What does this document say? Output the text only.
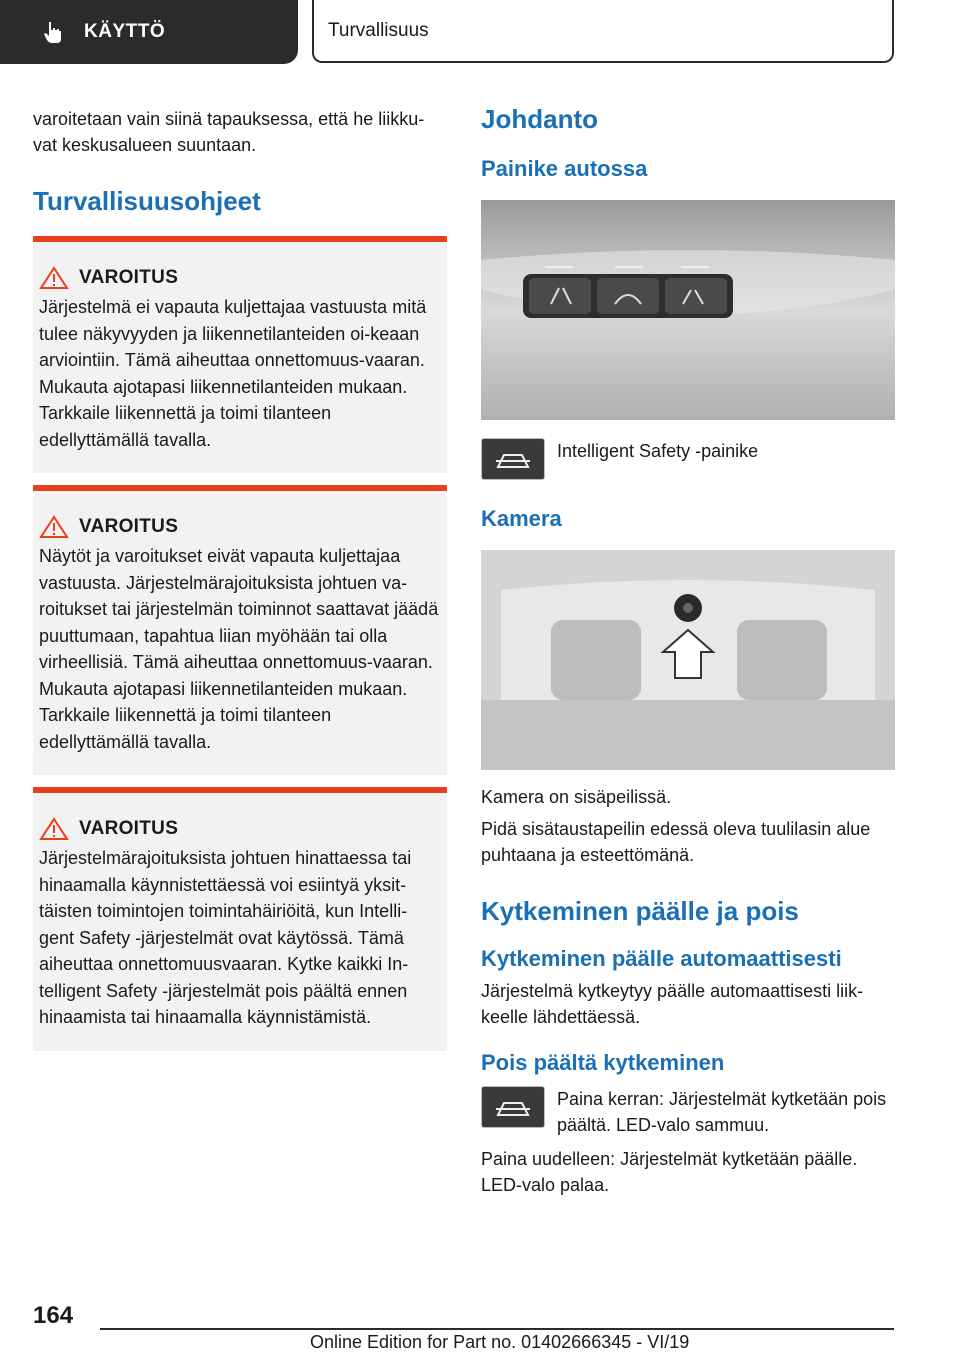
KÄYTTÖ	Turvallisuus

varoitetaan vain siinä tapauksessa, että he liikku-vat keskusalueen suuntaan.

Turvallisuusohjeet
VAROITUS

Järjestelmä ei vapauta kuljettajaa vastuusta mitä tulee näkyvyyden ja liikennetilanteiden oi-keaan arviointiin. Tämä aiheuttaa onnettomuus-vaaran. Mukauta ajotapasi liikennetilanteiden mukaan. Tarkkaile liikennettä ja toimi tilanteen edellyttämällä tavalla.

VAROITUS

Näytöt ja varoitukset eivät vapauta kuljettajaa vastuusta. Järjestelmärajoituksista johtuen va-roitukset tai järjestelmän toiminnot saattavat jäädä puuttumaan, tapahtua liian myöhään tai olla virheellisiä. Tämä aiheuttaa onnettomuus-vaaran. Mukauta ajotapasi liikennetilanteiden mukaan. Tarkkaile liikennettä ja toimi tilanteen edellyttämällä tavalla.

VAROITUS

Järjestelmärajoituksista johtuen hinattaessa tai hinaamalla käynnistettäessä voi esiintyä yksit-täisten toimintojen toimintahäiriöitä, kun Intelli-gent Safety -järjestelmät ovat käytössä. Tämä aiheuttaa onnettomuusvaaran. Kytke kaikki In-telligent Safety -järjestelmät pois päältä ennen hinaamista tai hinaamalla käynnistämistä.

Johdanto
Painike autossa

Intelligent Safety -painike

Kamera

Kamera on sisäpeilissä.

Pidä sisätaustapeilin edessä oleva tuulilasin alue puhtaana ja esteettömänä.

Kytkeminen päälle ja pois
Kytkeminen päälle automaattisesti

Järjestelmä kytkeytyy päälle automaattisesti liik-keelle lähdettäessä.

Pois päältä kytkeminen

Paina kerran: Järjestelmät kytketään pois päältä. LED-valo sammuu.

Paina uudelleen: Järjestelmät kytketään päälle. LED-valo palaa.

164
Online Edition for Part no. 01402666345 - VI/19
